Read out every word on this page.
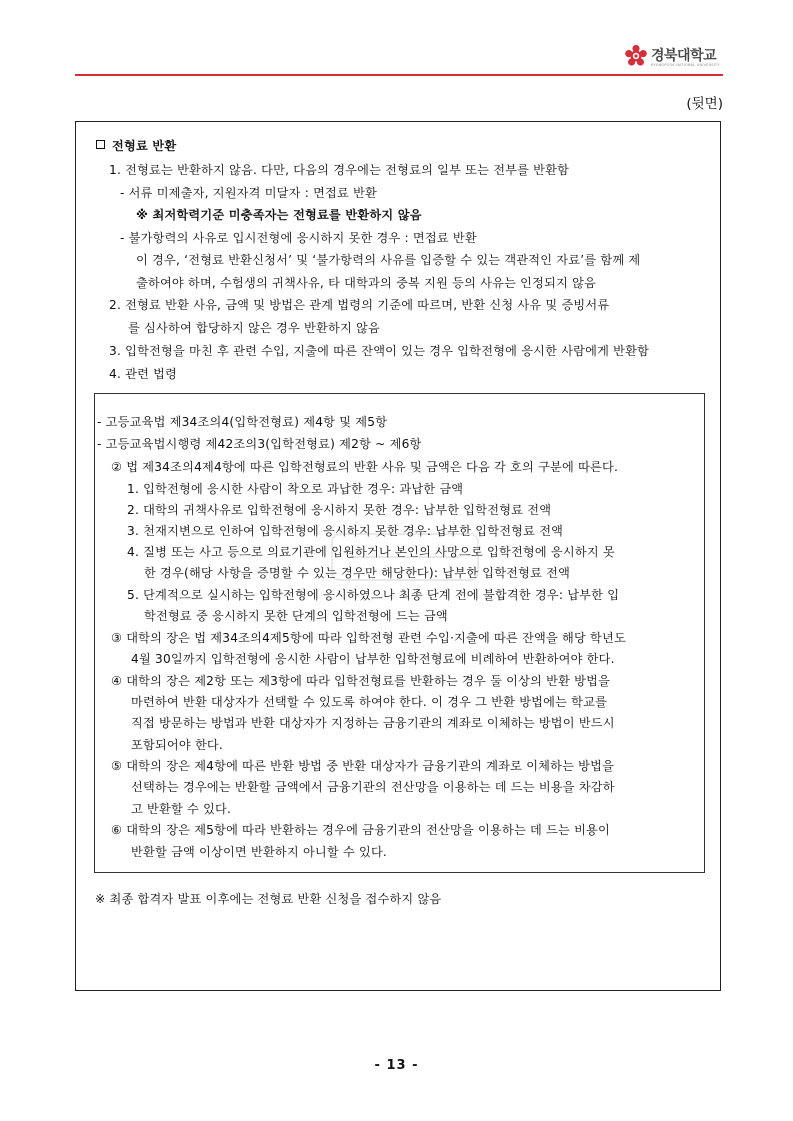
경북대학교
KYUNGPOOK NATIONAL UNIVERSITY
(뒷면)
전형료 반환
1. 전형료는 반환하지 않음. 다만, 다음의 경우에는 전형료의 일부 또는 전부를 반환함
- 서류 미제출자, 지원자격 미달자 : 면접료 반환
※ 최저학력기준 미충족자는 전형료를 반환하지 않음
- 불가항력의 사유로 입시전형에 응시하지 못한 경우 : 면접료 반환
이 경우, ‘전형료 반환신청서’ 및 ‘불가항력의 사유를 입증할 수 있는 객관적인 자료’를 함께 제
출하여야 하며, 수험생의 귀책사유, 타 대학과의 중복 지원 등의 사유는 인정되지 않음
2. 전형료 반환 사유, 금액 및 방법은 관계 법령의 기준에 따르며, 반환 신청 사유 및 증빙서류
를 심사하여 합당하지 않은 경우 반환하지 않음
3. 입학전형을 마친 후 관련 수입, 지출에 따른 잔액이 있는 경우 입학전형에 응시한 사람에게 반환함
4. 관련 법령
- 고등교육법 제34조의4(입학전형료) 제4항 및 제5항
- 고등교육법시행령 제42조의3(입학전형료) 제2항 ~ 제6항
② 법 제34조의4제4항에 따른 입학전형료의 반환 사유 및 금액은 다음 각 호의 구분에 따른다.
1. 입학전형에 응시한 사람이 착오로 과납한 경우: 과납한 금액
2. 대학의 귀책사유로 입학전형에 응시하지 못한 경우: 납부한 입학전형료 전액
3. 천재지변으로 인하여 입학전형에 응시하지 못한 경우: 납부한 입학전형료 전액
4. 질병 또는 사고 등으로 의료기관에 입원하거나 본인의 사망으로 입학전형에 응시하지 못
한 경우(해당 사항을 증명할 수 있는 경우만 해당한다): 납부한 입학전형료 전액
5. 단계적으로 실시하는 입학전형에 응시하였으나 최종 단계 전에 불합격한 경우: 납부한 입
학전형료 중 응시하지 못한 단계의 입학전형에 드는 금액
③ 대학의 장은 법 제34조의4제5항에 따라 입학전형 관련 수입·지출에 따른 잔액을 해당 학년도
4월 30일까지 입학전형에 응시한 사람이 납부한 입학전형료에 비례하여 반환하여야 한다.
④ 대학의 장은 제2항 또는 제3항에 따라 입학전형료를 반환하는 경우 둘 이상의 반환 방법을
마련하여 반환 대상자가 선택할 수 있도록 하여야 한다. 이 경우 그 반환 방법에는 학교를
직접 방문하는 방법과 반환 대상자가 지정하는 금융기관의 계좌로 이체하는 방법이 반드시
포함되어야 한다.
⑤ 대학의 장은 제4항에 따른 반환 방법 중 반환 대상자가 금융기관의 계좌로 이체하는 방법을
선택하는 경우에는 반환할 금액에서 금융기관의 전산망을 이용하는 데 드는 비용을 차감하
고 반환할 수 있다.
⑥ 대학의 장은 제5항에 따라 반환하는 경우에 금융기관의 전산망을 이용하는 데 드는 비용이
반환할 금액 이상이면 반환하지 아니할 수 있다.
※ 최종 합격자 발표 이후에는 전형료 반환 신청을 접수하지 않음
- 13 -
